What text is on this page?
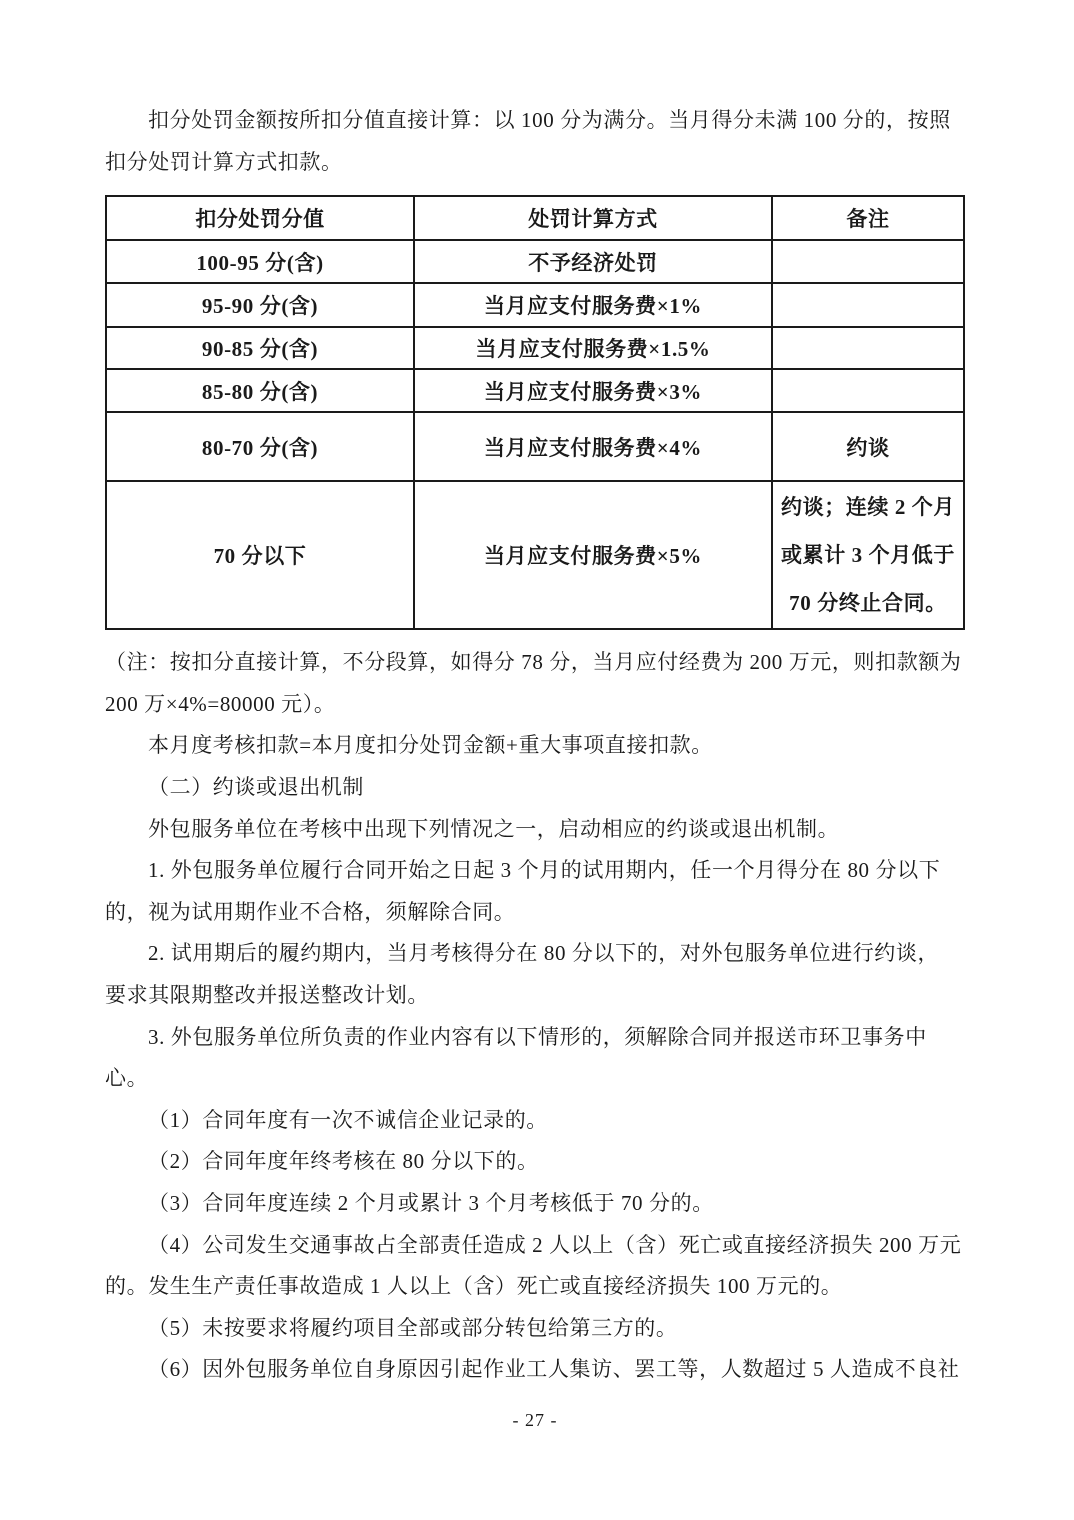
扣分处罚金额按所扣分值直接计算：以 100 分为满分。当月得分未满 100 分的，按照
扣分处罚计算方式扣款。
扣分处罚分值	处罚计算方式	备注
100-95 分(含)	不予经济处罚	
95-90 分(含)	当月应支付服务费×1%	
90-85 分(含)	当月应支付服务费×1.5%	
85-80 分(含)	当月应支付服务费×3%	
80-70 分(含)	当月应支付服务费×4%	约谈
70 分以下	当月应支付服务费×5%	约谈；连续 2 个月
或累计 3 个月低于
70 分终止合同。
（注：按扣分直接计算，不分段算，如得分 78 分，当月应付经费为 200 万元，则扣款额为
200 万×4%=80000 元）。
本月度考核扣款=本月度扣分处罚金额+重大事项直接扣款。
（二）约谈或退出机制
外包服务单位在考核中出现下列情况之一，启动相应的约谈或退出机制。
1. 外包服务单位履行合同开始之日起 3 个月的试用期内，任一个月得分在 80 分以下
的，视为试用期作业不合格，须解除合同。
2. 试用期后的履约期内，当月考核得分在 80 分以下的，对外包服务单位进行约谈，
要求其限期整改并报送整改计划。
3. 外包服务单位所负责的作业内容有以下情形的，须解除合同并报送市环卫事务中
心。
（1）合同年度有一次不诚信企业记录的。
（2）合同年度年终考核在 80 分以下的。
（3）合同年度连续 2 个月或累计 3 个月考核低于 70 分的。
（4）公司发生交通事故占全部责任造成 2 人以上（含）死亡或直接经济损失 200 万元
的。发生生产责任事故造成 1 人以上（含）死亡或直接经济损失 100 万元的。
（5）未按要求将履约项目全部或部分转包给第三方的。
（6）因外包服务单位自身原因引起作业工人集访、罢工等，人数超过 5 人造成不良社
- 27 -
